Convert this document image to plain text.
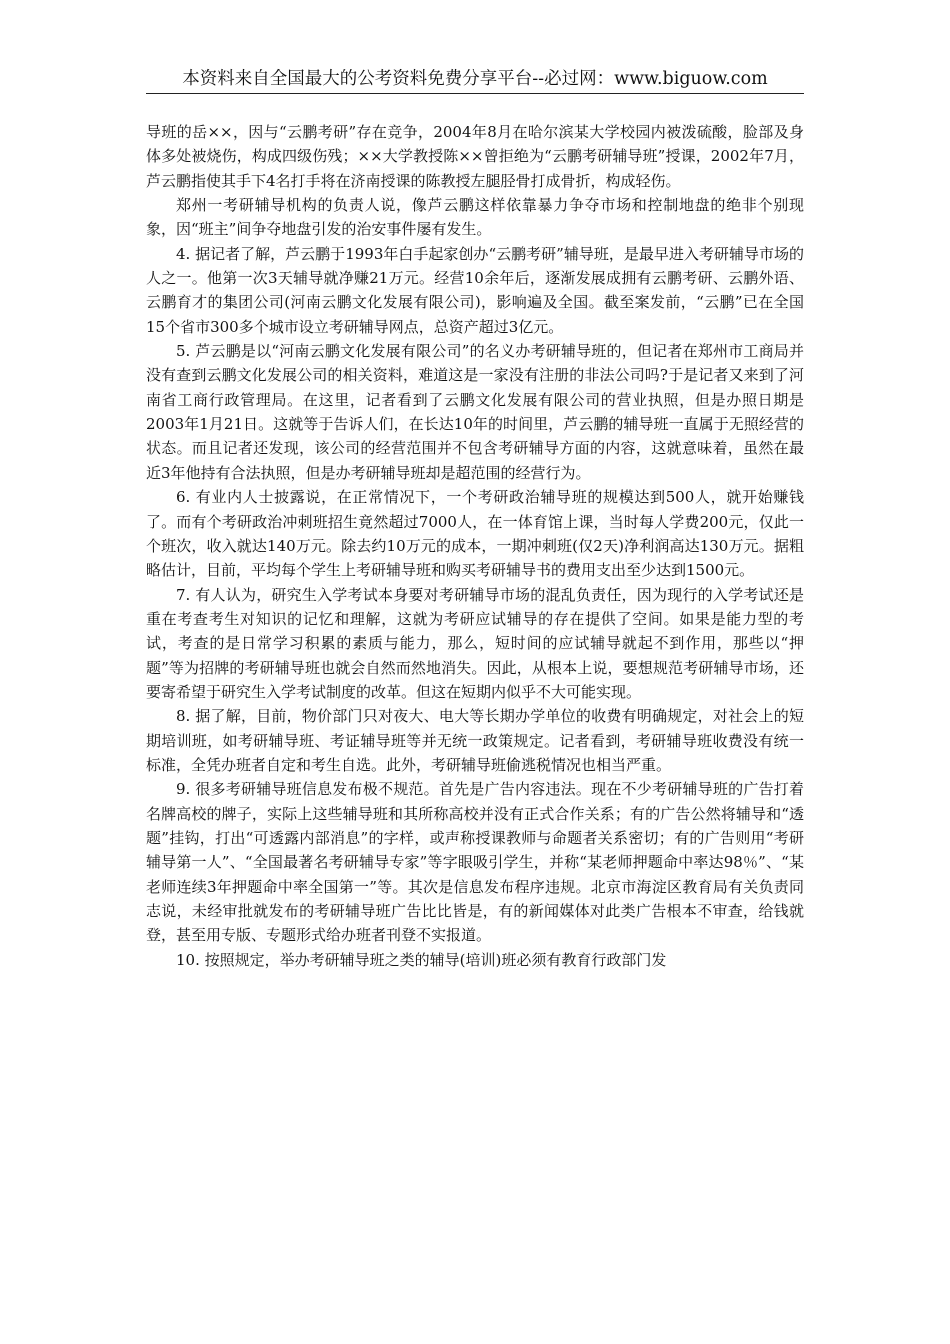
本资料来自全国最大的公考资料免费分享平台--必过网：www.biguow.com

导班的岳××，因与“云鹏考研”存在竞争，2004年8月在哈尔滨某大学校园内被泼硫酸，脸部及身体多处被烧伤，构成四级伤残；××大学教授陈××曾拒绝为“云鹏考研辅导班”授课，2002年7月，芦云鹏指使其手下4名打手将在济南授课的陈教授左腿胫骨打成骨折，构成轻伤。

郑州一考研辅导机构的负责人说，像芦云鹏这样依靠暴力争夺市场和控制地盘的绝非个别现象，因“班主”间争夺地盘引发的治安事件屡有发生。

4. 据记者了解，芦云鹏于1993年白手起家创办“云鹏考研”辅导班，是最早进入考研辅导市场的人之一。他第一次3天辅导就净赚21万元。经营10余年后，逐渐发展成拥有云鹏考研、云鹏外语、云鹏育才的集团公司(河南云鹏文化发展有限公司)，影响遍及全国。截至案发前，“云鹏”已在全国15个省市300多个城市设立考研辅导网点，总资产超过3亿元。

5. 芦云鹏是以“河南云鹏文化发展有限公司”的名义办考研辅导班的，但记者在郑州市工商局并没有查到云鹏文化发展公司的相关资料，难道这是一家没有注册的非法公司吗?于是记者又来到了河南省工商行政管理局。在这里，记者看到了云鹏文化发展有限公司的营业执照，但是办照日期是2003年1月21日。这就等于告诉人们，在长达10年的时间里，芦云鹏的辅导班一直属于无照经营的状态。而且记者还发现，该公司的经营范围并不包含考研辅导方面的内容，这就意味着，虽然在最近3年他持有合法执照，但是办考研辅导班却是超范围的经营行为。

6. 有业内人士披露说，在正常情况下，一个考研政治辅导班的规模达到500人，就开始赚钱了。而有个考研政治冲刺班招生竟然超过7000人，在一体育馆上课，当时每人学费200元，仅此一个班次，收入就达140万元。除去约10万元的成本，一期冲刺班(仅2天)净利润高达130万元。据粗略估计，目前，平均每个学生上考研辅导班和购买考研辅导书的费用支出至少达到1500元。

7. 有人认为，研究生入学考试本身要对考研辅导市场的混乱负责任，因为现行的入学考试还是重在考查考生对知识的记忆和理解，这就为考研应试辅导的存在提供了空间。如果是能力型的考试，考查的是日常学习积累的素质与能力，那么，短时间的应试辅导就起不到作用，那些以“押题”等为招牌的考研辅导班也就会自然而然地消失。因此，从根本上说，要想规范考研辅导市场，还要寄希望于研究生入学考试制度的改革。但这在短期内似乎不大可能实现。

8. 据了解，目前，物价部门只对夜大、电大等长期办学单位的收费有明确规定，对社会上的短期培训班，如考研辅导班、考证辅导班等并无统一政策规定。记者看到，考研辅导班收费没有统一标准，全凭办班者自定和考生自选。此外，考研辅导班偷逃税情况也相当严重。

9. 很多考研辅导班信息发布极不规范。首先是广告内容违法。现在不少考研辅导班的广告打着名牌高校的牌子，实际上这些辅导班和其所称高校并没有正式合作关系；有的广告公然将辅导和“透题”挂钩，打出“可透露内部消息”的字样，或声称授课教师与命题者关系密切；有的广告则用“考研辅导第一人”、“全国最著名考研辅导专家”等字眼吸引学生，并称“某老师押题命中率达98％”、“某老师连续3年押题命中率全国第一”等。其次是信息发布程序违规。北京市海淀区教育局有关负责同志说，未经审批就发布的考研辅导班广告比比皆是，有的新闻媒体对此类广告根本不审查，给钱就登，甚至用专版、专题形式给办班者刊登不实报道。

10. 按照规定，举办考研辅导班之类的辅导(培训)班必须有教育行政部门发
